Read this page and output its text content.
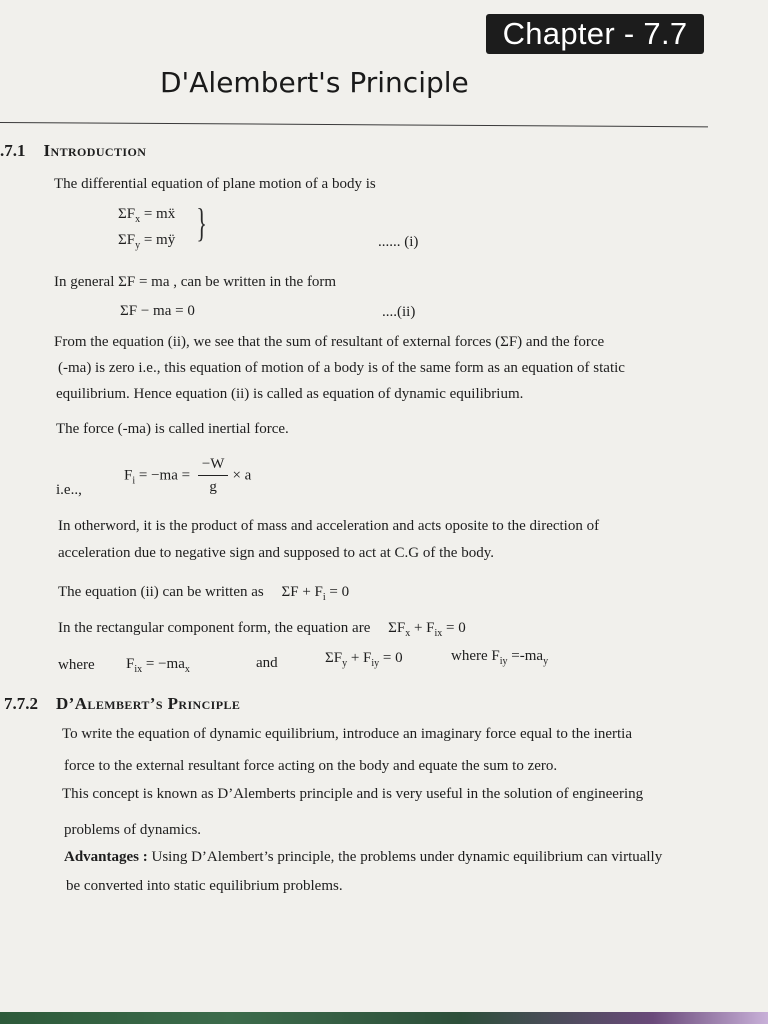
Chapter - 7.7
D'Alembert's Principle
.7.1 Introduction
The differential equation of plane motion of a body is
$\Sigma F_x$ = mẍ
$\Sigma F_y$ = mÿ }	...... (i)
In general ΣF = ma , can be written in the form
ΣF − ma = 0	....(ii)
From the equation (ii), we see that the sum of resultant of external forces (ΣF) and the force
(-ma) is zero i.e., this equation of motion of a body is of the same form as an equation of static
equilibrium. Hence equation (ii) is called as equation of dynamic equilibrium.
The force (-ma) is called inertial force.
i.e..,
$F_i = -ma = \frac{-W}{g} \times a$
In otherword, it is the product of mass and acceleration and acts oposite to the direction of
acceleration due to negative sign and supposed to act at C.G of the body.
The equation (ii) can be written as $\Sigma F + F_i = 0$
In the rectangular component form, the equation are $\Sigma F_x + F_{ix} = 0$
where $F_{ix} = -ma_x$	and	$\Sigma F_y + F_{iy} = 0$	where $F_{iy} =-ma_y$
7.7.2 D’Alembert’s Principle
To write the equation of dynamic equilibrium, introduce an imaginary force equal to the inertia
force to the external resultant force acting on the body and equate the sum to zero.
This concept is known as D’Alemberts principle and is very useful in the solution of engineering
problems of dynamics.
Advantages : Using D’Alembert’s principle, the problems under dynamic equilibrium can virtually
be converted into static equilibrium problems.
